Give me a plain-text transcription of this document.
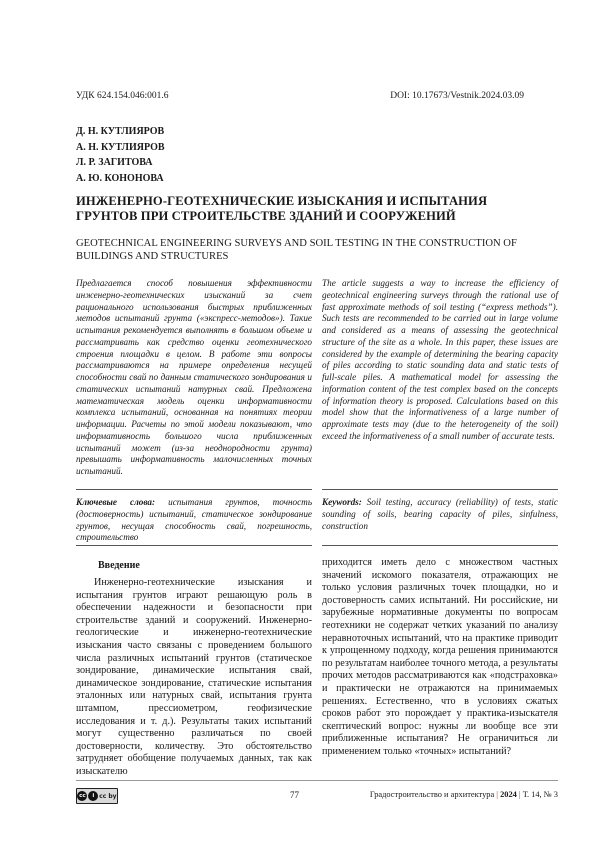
УДК 624.154.046:001.6	DOI: 10.17673/Vestnik.2024.03.09
Д. Н. КУТЛИЯРОВ
А. Н. КУТЛИЯРОВ
Л. Р. ЗАГИТОВА
А. Ю. КОНОНОВА
ИНЖЕНЕРНО-ГЕОТЕХНИЧЕСКИЕ ИЗЫСКАНИЯ И ИСПЫТАНИЯ ГРУНТОВ ПРИ СТРОИТЕЛЬСТВЕ ЗДАНИЙ И СООРУЖЕНИЙ
GEOTECHNICAL ENGINEERING SURVEYS AND SOIL TESTING IN THE CONSTRUCTION OF BUILDINGS AND STRUCTURES
Предлагается способ повышения эффективности инженерно-геотехнических изысканий за счет рационального использования быстрых приближенных методов испытаний грунта («экспресс-методов»). Такие испытания рекомендуется выполнять в большом объеме и рассматривать как средство оценки геотехнического строения площадки в целом. В работе эти вопросы рассматриваются на примере определения несущей способности свай по данным статического зондирования и статических испытаний натурных свай. Предложена математическая модель оценки информативности комплекса испытаний, основанная на понятиях теории информации. Расчеты по этой модели показывают, что информативность большого числа приближенных испытаний может (из-за неоднородности грунта) превышать информативность малочисленных точных испытаний.
The article suggests a way to increase the efficiency of geotechnical engineering surveys through the rational use of fast approximate methods of soil testing (“express methods”). Such tests are recommended to be carried out in large volume and considered as a means of assessing the geotechnical structure of the site as a whole. In this paper, these issues are considered by the example of determining the bearing capacity of piles according to static sounding data and static tests of full-scale piles. A mathematical model for assessing the information content of the test complex based on the concepts of information theory is proposed. Calculations based on this model show that the informativeness of a large number of approximate tests may (due to the heterogeneity of the soil) exceed the informativeness of a small number of accurate tests.
Ключевые слова: испытания грунтов, точность (достоверность) испытаний, статическое зондирование грунтов, несущая способность свай, погрешность, строительство
Keywords: Soil testing, accuracy (reliability) of tests, static sounding of soils, bearing capacity of piles, sinfulness, construction
Введение

Инженерно-геотехнические изыскания и испытания грунтов играют решающую роль в обеспечении надежности и безопасности при строительстве зданий и сооружений. Инженерно-геологические и инженерно-геотехнические изыскания часто связаны с проведением большого числа различных испытаний грунтов (статическое зондирование, динамические испытания свай, динамическое зондирование, статические испытания эталонных или натурных свай, испытания грунта штампом, прессиометром, геофизические исследования и т. д.). Результаты таких испытаний могут существенно различаться по своей достоверности, количеству. Это обстоятельство затрудняет обобщение получаемых данных, так как изыскателю

приходится иметь дело с множеством частных значений искомого показателя, отражающих не только условия различных точек площадки, но и достоверность самих испытаний. Ни российские, ни зарубежные нормативные документы по вопросам геотехники не содержат четких указаний по анализу неравноточных испытаний, что на практике приводит к упрощенному подходу, когда решения принимаются по результатам наиболее точного метода, а результаты прочих методов рассматриваются как «подстраховка» и практически не отражаются на принимаемых решениях. Естественно, что в условиях сжатых сроков работ это порождает у практика-изыскателя скептический вопрос: нужны ли вообще все эти приближенные испытания? Не ограничиться ли применением только «точных» испытаний?

cc	i cc by	77	Градостроительство и архитектура | 2024 | Т. 14, № 3
